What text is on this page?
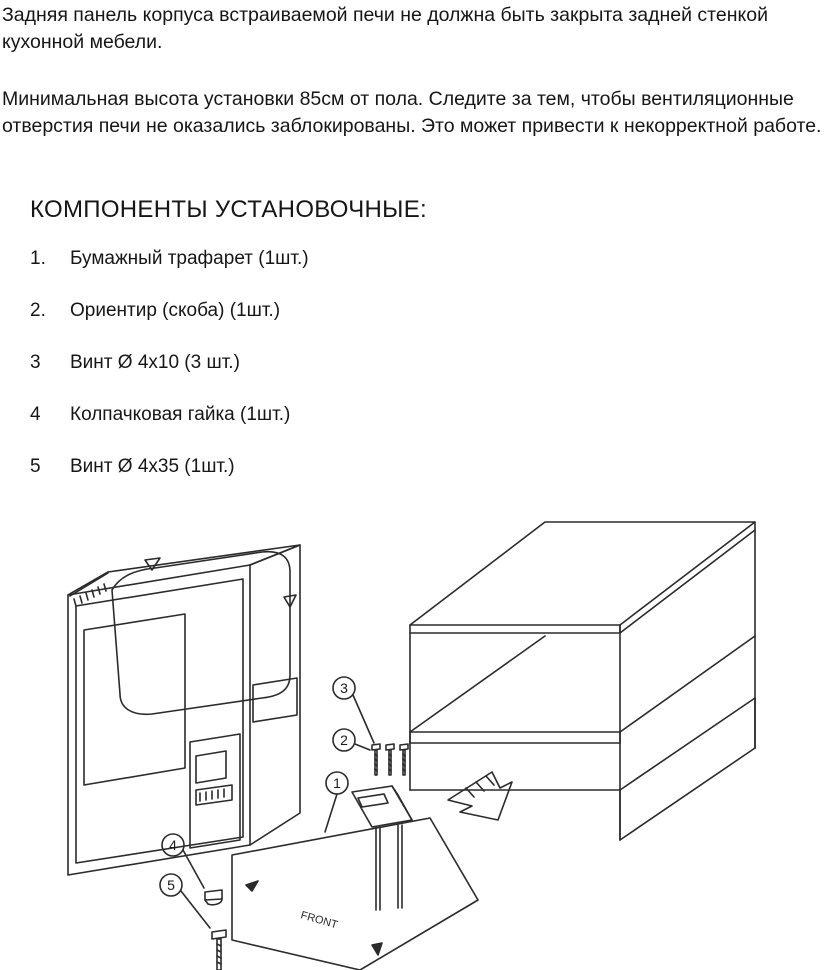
Задняя панель корпуса встраиваемой печи не должна быть закрыта задней стенкой кухонной мебели.
Минимальная высота установки 85см от пола. Следите за тем, чтобы вентиляционные отверстия печи не оказались заблокированы. Это может привести к некорректной работе.
КОМПОНЕНТЫ УСТАНОВОЧНЫЕ:
1.	Бумажный трафарет (1шт.)
2.	Ориентир (скоба) (1шт.)
3	Винт Ø 4x10 (3 шт.)
4	Колпачковая гайка (1шт.)
5	Винт Ø 4x35 (1шт.)
FRONT
3
2
1
4
5
